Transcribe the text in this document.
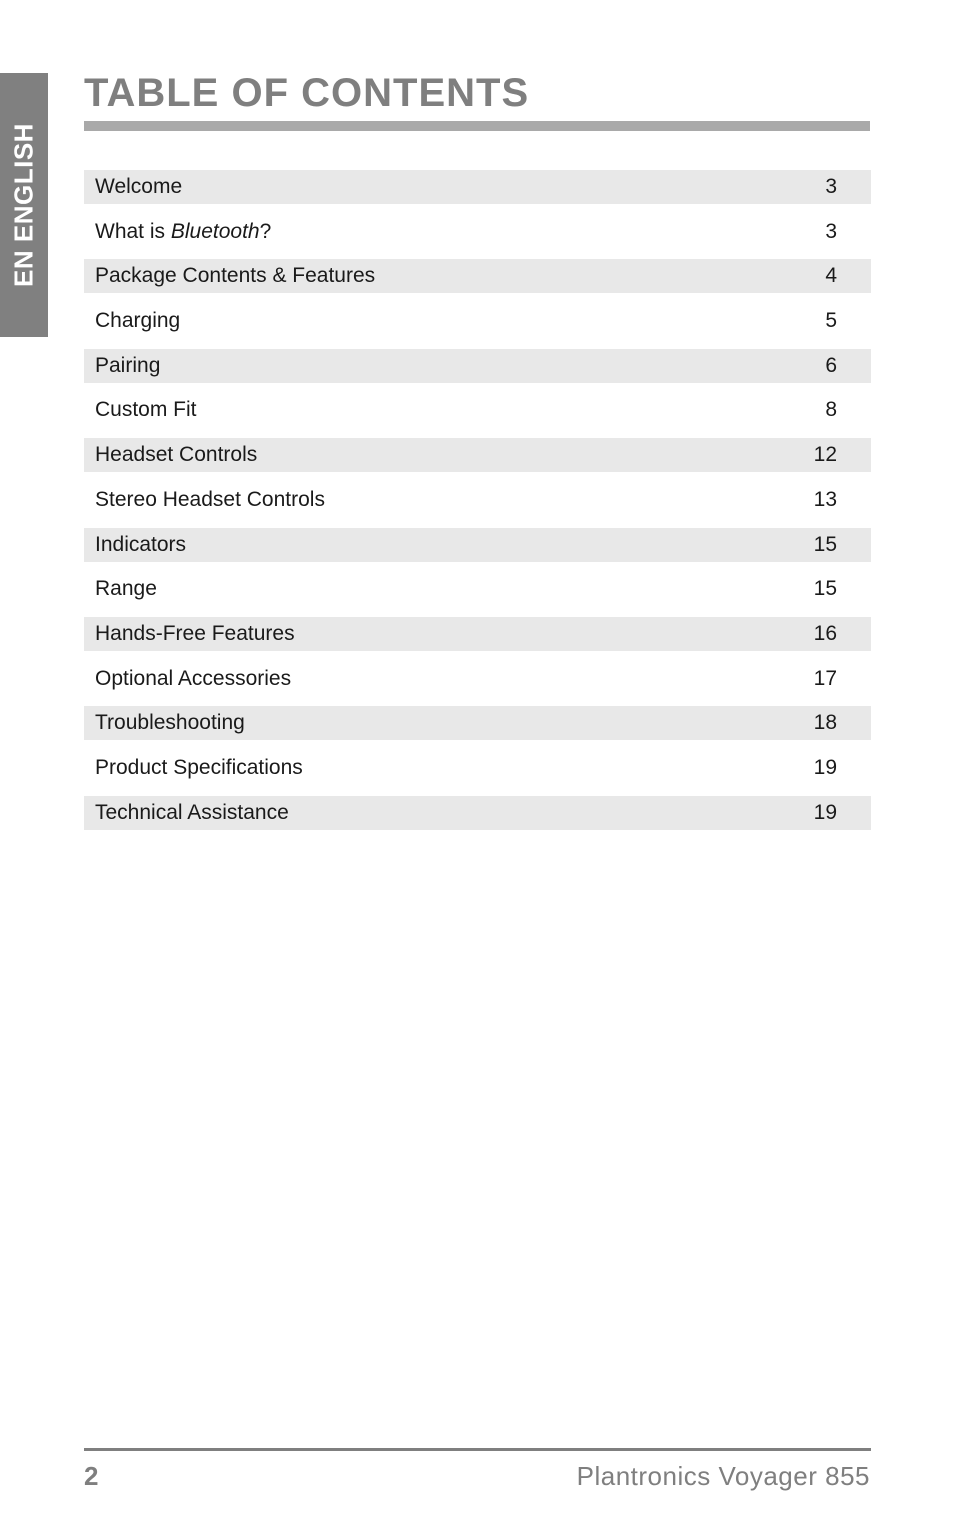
EN ENGLISH
TABLE OF CONTENTS
Welcome	3
What is Bluetooth?	3
Package Contents & Features	4
Charging	5
Pairing	6
Custom Fit	8
Headset Controls	12
Stereo Headset Controls	13
Indicators	15
Range	15
Hands-Free Features	16
Optional Accessories	17
Troubleshooting	18
Product Specifications	19
Technical Assistance	19
2	Plantronics Voyager 855
